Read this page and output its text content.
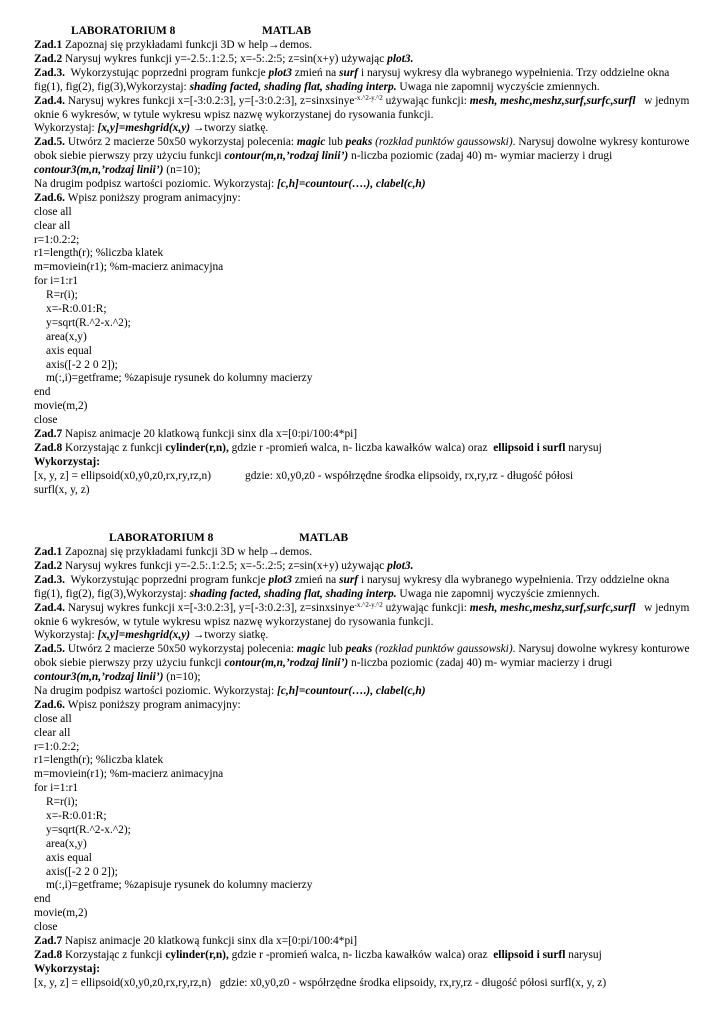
LABORATORIUM 8	MATLAB
Zad.1 Zapoznaj się przykładami funkcji 3D w help→demos.
Zad.2 Narysuj wykres funkcji y=-2.5:.1:2.5; x=-5:.2:5; z=sin(x+y) używając plot3.
Zad.3. Wykorzystując poprzedni program funkcje plot3 zmień na surf i narysuj wykresy dla wybranego wypełnienia. Trzy oddzielne okna fig(1), fig(2), fig(3),Wykorzystaj: shading facted, shading flat, shading interp. Uwaga nie zapomnij wyczyście zmiennych.
Zad.4. Narysuj wykres funkcji x=[-3:0.2:3], y=[-3:0.2:3], z=sinxsinye$^{-x.\^{}2-y.\^{}2}$ używając funkcji: mesh, meshc,meshz,surf,surfc,surfl w jednym oknie 6 wykresów, w tytule wykresu wpisz nazwę wykorzystanej do rysowania funkcji.
Wykorzystaj: [x,y]=meshgrid(x,y) →tworzy siatkę.
Zad.5. Utwórz 2 macierze 50x50 wykorzystaj polecenia: magic lub peaks (rozkład punktów gaussowski). Narysuj dowolne wykresy konturowe obok siebie pierwszy przy użyciu funkcji contour(m,n,’rodzaj linii’) n-liczba poziomic (zadaj 40) m- wymiar macierzy i drugi contour3(m,n,’rodzaj linii’) (n=10);
Na drugim podpisz wartości poziomic. Wykorzystaj: [c,h]=countour(….), clabel(c,h)
Zad.6. Wpisz poniższy program animacyjny:
close all
clear all
r=1:0.2:2;
r1=length(r); %liczba klatek
m=moviein(r1); %m-macierz animacyjna
for i=1:r1
R=r(i);
x=-R:0.01:R;
y=sqrt(R.^2-x.^2);
area(x,y)
axis equal
axis([-2 2 0 2]);
m(:,i)=getframe; %zapisuje rysunek do kolumny macierzy
end
movie(m,2)
close
Zad.7 Napisz animacje 20 klatkową funkcji sinx dla x=[0:pi/100:4*pi]
Zad.8 Korzystając z funkcji cylinder(r,n), gdzie r -promień walca, n- liczba kawałków walca) oraz ellipsoid i surfl narysuj
Wykorzystaj:
[x, y, z] = ellipsoid(x0,y0,z0,rx,ry,rz,n)	gdzie: x0,y0,z0 - współrzędne środka elipsoidy, rx,ry,rz - długość półosi
surfl(x, y, z)
LABORATORIUM 8	MATLAB
Zad.1 Zapoznaj się przykładami funkcji 3D w help→demos.
Zad.2 Narysuj wykres funkcji y=-2.5:.1:2.5; x=-5:.2:5; z=sin(x+y) używając plot3.
Zad.3. Wykorzystując poprzedni program funkcje plot3 zmień na surf i narysuj wykresy dla wybranego wypełnienia. Trzy oddzielne okna fig(1), fig(2), fig(3),Wykorzystaj: shading facted, shading flat, shading interp. Uwaga nie zapomnij wyczyście zmiennych.
Zad.4. Narysuj wykres funkcji x=[-3:0.2:3], y=[-3:0.2:3], z=sinxsinye$^{-x.\^{}2-y.\^{}2}$ używając funkcji: mesh, meshc,meshz,surf,surfc,surfl w jednym oknie 6 wykresów, w tytule wykresu wpisz nazwę wykorzystanej do rysowania funkcji.
Wykorzystaj: [x,y]=meshgrid(x,y) →tworzy siatkę.
Zad.5. Utwórz 2 macierze 50x50 wykorzystaj polecenia: magic lub peaks (rozkład punktów gaussowski). Narysuj dowolne wykresy konturowe obok siebie pierwszy przy użyciu funkcji contour(m,n,’rodzaj linii’) n-liczba poziomic (zadaj 40) m- wymiar macierzy i drugi contour3(m,n,’rodzaj linii’) (n=10);
Na drugim podpisz wartości poziomic. Wykorzystaj: [c,h]=countour(….), clabel(c,h)
Zad.6. Wpisz poniższy program animacyjny:
close all
clear all
r=1:0.2:2;
r1=length(r); %liczba klatek
m=moviein(r1); %m-macierz animacyjna
for i=1:r1
R=r(i);
x=-R:0.01:R;
y=sqrt(R.^2-x.^2);
area(x,y)
axis equal
axis([-2 2 0 2]);
m(:,i)=getframe; %zapisuje rysunek do kolumny macierzy
end
movie(m,2)
close
Zad.7 Napisz animacje 20 klatkową funkcji sinx dla x=[0:pi/100:4*pi]
Zad.8 Korzystając z funkcji cylinder(r,n), gdzie r -promień walca, n- liczba kawałków walca) oraz ellipsoid i surfl narysuj
Wykorzystaj:
[x, y, z] = ellipsoid(x0,y0,z0,rx,ry,rz,n) gdzie: x0,y0,z0 - współrzędne środka elipsoidy, rx,ry,rz - długość półosi surfl(x, y, z)
